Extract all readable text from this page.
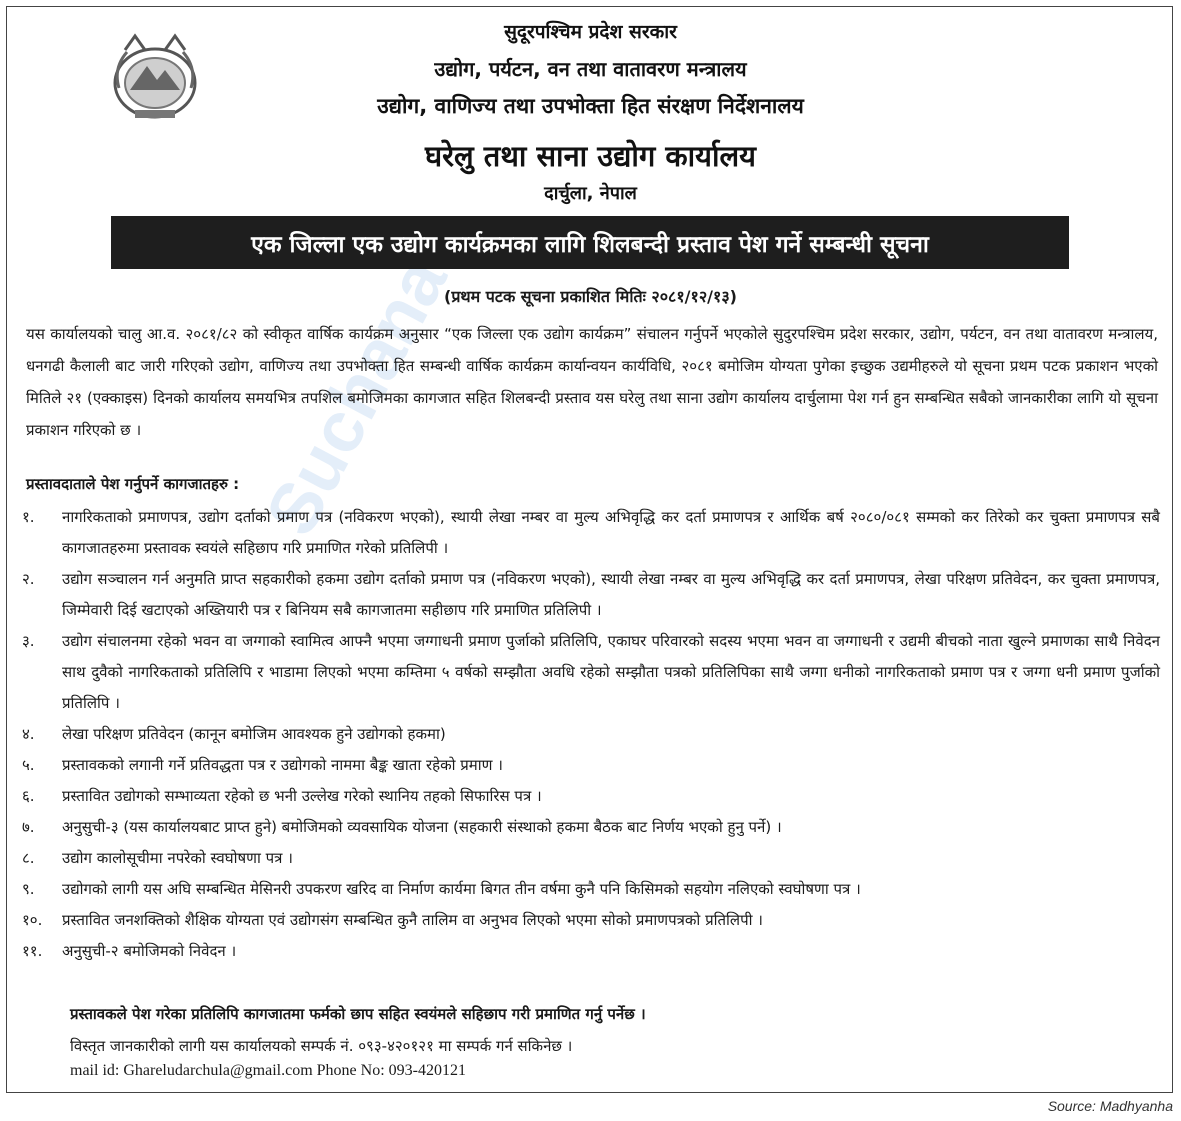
Suchana
सुदूरपश्चिम प्रदेश सरकार
उद्योग, पर्यटन, वन तथा वातावरण मन्त्रालय
उद्योग, वाणिज्य तथा उपभोक्ता हित संरक्षण निर्देशनालय
घरेलु तथा साना उद्योग कार्यालय
दार्चुला, नेपाल
एक जिल्ला एक उद्योग कार्यक्रमका लागि शिलबन्दी प्रस्ताव पेश गर्ने सम्बन्धी सूचना
(प्रथम पटक सूचना प्रकाशित मितिः २०८१/१२/१३)
यस कार्यालयको चालु आ.व. २०८१/८२ को स्वीकृत वार्षिक कार्यक्रम अनुसार “एक जिल्ला एक उद्योग कार्यक्रम” संचालन गर्नुपर्ने भएकोले सुदुरपश्चिम प्रदेश सरकार, उद्योग, पर्यटन, वन तथा वातावरण मन्त्रालय, धनगढी कैलाली बाट जारी गरिएको उद्योग, वाणिज्य तथा उपभोक्ता हित सम्बन्धी वार्षिक कार्यक्रम कार्यान्वयन कार्यविधि, २०८१ बमोजिम योग्यता पुगेका इच्छुक उद्यमीहरुले यो सूचना प्रथम पटक प्रकाशन भएको मितिले २१ (एक्काइस) दिनको कार्यालय समयभित्र तपशिल बमोजिमका कागजात सहित शिलबन्दी प्रस्ताव यस घरेलु तथा साना उद्योग कार्यालय दार्चुलामा पेश गर्न हुन सम्बन्धित सबैको जानकारीका लागि यो सूचना प्रकाशन गरिएको छ ।
प्रस्तावदाताले पेश गर्नुपर्ने कागजातहरु :
१.	नागरिकताको प्रमाणपत्र, उद्योग दर्ताको प्रमाण पत्र (नविकरण भएको), स्थायी लेखा नम्बर वा मुल्य अभिवृद्धि कर दर्ता प्रमाणपत्र र आर्थिक बर्ष २०८०/०८१ सम्मको कर तिरेको कर चुक्ता प्रमाणपत्र सबै कागजातहरुमा प्रस्तावक स्वयंले सहिछाप गरि प्रमाणित गरेको प्रतिलिपी ।
२.	उद्योग सञ्चालन गर्न अनुमति प्राप्त सहकारीको हकमा उद्योग दर्ताको प्रमाण पत्र (नविकरण भएको), स्थायी लेखा नम्बर वा मुल्य अभिवृद्धि कर दर्ता प्रमाणपत्र, लेखा परिक्षण प्रतिवेदन, कर चुक्ता प्रमाणपत्र, जिम्मेवारी दिई खटाएको अख्तियारी पत्र र बिनियम सबै कागजातमा सहीछाप गरि प्रमाणित प्रतिलिपी ।
३.	उद्योग संचालनमा रहेको भवन वा जग्गाको स्वामित्व आफ्नै भएमा जग्गाधनी प्रमाण पुर्जाको प्रतिलिपि, एकाघर परिवारको सदस्य भएमा भवन वा जग्गाधनी र उद्यमी बीचको नाता खुल्ने प्रमाणका साथै निवेदन साथ दुवैको नागरिकताको प्रतिलिपि र भाडामा लिएको भएमा कम्तिमा ५ वर्षको सम्झौता अवधि रहेको सम्झौता पत्रको प्रतिलिपिका साथै जग्गा धनीको नागरिकताको प्रमाण पत्र र जग्गा धनी प्रमाण पुर्जाको प्रतिलिपि ।
४.	लेखा परिक्षण प्रतिवेदन (कानून बमोजिम आवश्यक हुने उद्योगको हकमा)
५.	प्रस्तावकको लगानी गर्ने प्रतिवद्धता पत्र र उद्योगको नाममा बैङ्क खाता रहेको प्रमाण ।
६.	प्रस्तावित उद्योगको सम्भाव्यता रहेको छ भनी उल्लेख गरेको स्थानिय तहको सिफारिस पत्र ।
७.	अनुसुची-३ (यस कार्यालयबाट प्राप्त हुने) बमोजिमको व्यवसायिक योजना (सहकारी संस्थाको हकमा बैठक बाट निर्णय भएको हुनु पर्ने) ।
८.	उद्योग कालोसूचीमा नपरेको स्वघोषणा पत्र ।
९.	उद्योगको लागी यस अघि सम्बन्धित मेसिनरी उपकरण खरिद वा निर्माण कार्यमा बिगत तीन वर्षमा कुनै पनि किसिमको सहयोग नलिएको स्वघोषणा पत्र ।
१०.	प्रस्तावित जनशक्तिको शैक्षिक योग्यता एवं उद्योगसंग सम्बन्धित कुनै तालिम वा अनुभव लिएको भएमा सोको प्रमाणपत्रको प्रतिलिपी ।
११.	अनुसुची-२ बमोजिमको निवेदन ।
प्रस्तावकले पेश गरेका प्रतिलिपि कागजातमा फर्मको छाप सहित स्वयंमले सहिछाप गरी प्रमाणित गर्नु पर्नेछ ।
विस्तृत जानकारीको लागी यस कार्यालयको सम्पर्क नं. ०९३-४२०१२१ मा सम्पर्क गर्न सकिनेछ ।
mail id: Ghareludarchula@gmail.com Phone No: 093-420121
Source: Madhyanha
